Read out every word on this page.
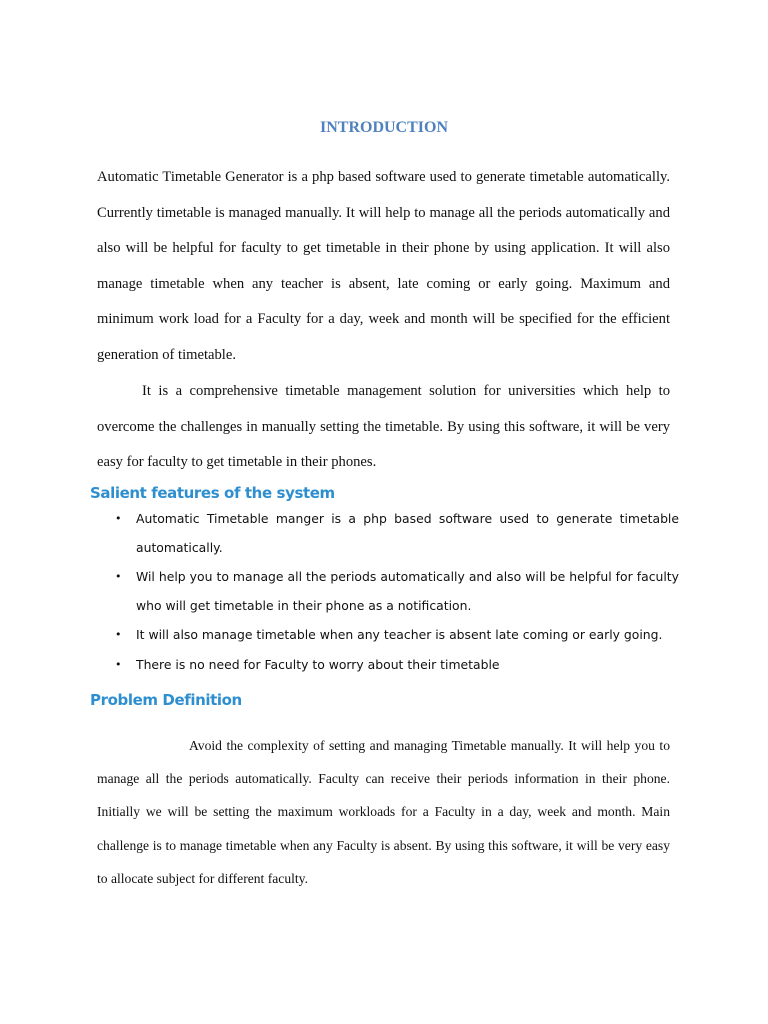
INTRODUCTION

Automatic Timetable Generator is a php based software used to generate timetable automatically. Currently timetable is managed manually. It will help to manage all the periods automatically and also will be helpful for faculty to get timetable in their phone by using application. It will also manage timetable when any teacher is absent, late coming or early going. Maximum and minimum work load for a Faculty for a day, week and month will be specified for the efficient generation of timetable.

It is a comprehensive timetable management solution for universities which help to overcome the challenges in manually setting the timetable. By using this software, it will be very easy for faculty to get timetable in their phones.

Salient features of the system
• Automatic Timetable manger is a php based software used to generate timetable automatically.
• Wil help you to manage all the periods automatically and also will be helpful for faculty who will get timetable in their phone as a notification.
• It will also manage timetable when any teacher is absent late coming or early going.
• There is no need for Faculty to worry about their timetable
Problem Definition

Avoid the complexity of setting and managing Timetable manually. It will help you to manage all the periods automatically. Faculty can receive their periods information in their phone. Initially we will be setting the maximum workloads for a Faculty in a day, week and month. Main challenge is to manage timetable when any Faculty is absent. By using this software, it will be very easy to allocate subject for different faculty.
